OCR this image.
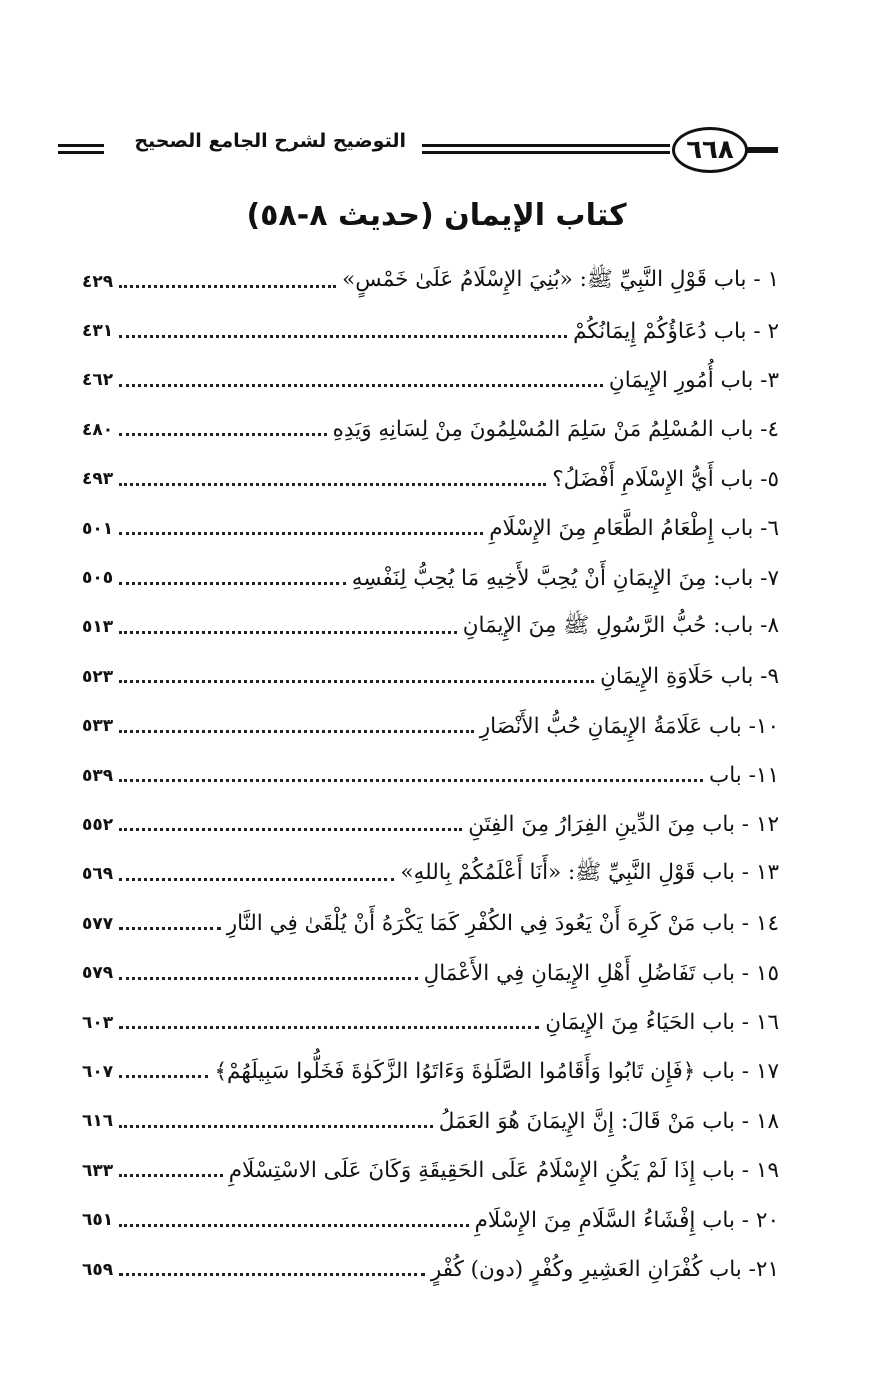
٦٦٨
التوضيح لشرح الجامع الصحيح
كتاب الإيمان (حديث ٨-٥٨)
١ - باب قَوْلِ النَّبِيِّ ﷺ: «بُنِيَ الإِسْلَامُ عَلَىٰ خَمْسٍ»
٤٢٩
٢ - باب دُعَاؤُكُمْ إِيمَانُكُمْ
٤٣١
٣- باب أُمُورِ الإِيمَانِ
٤٦٢
٤- باب المُسْلِمُ مَنْ سَلِمَ المُسْلِمُونَ مِنْ لِسَانِهِ وَيَدِهِ
٤٨٠
٥- باب أَيُّ الإِسْلَامِ أَفْضَلُ؟
٤٩٣
٦- باب إِطْعَامُ الطَّعَامِ مِنَ الإِسْلَامِ
٥٠١
٧- باب: مِنَ الإِيمَانِ أَنْ يُحِبَّ لأَخِيهِ مَا يُحِبُّ لِنَفْسِهِ
٥٠٥
٨- باب: حُبُّ الرَّسُولِ ﷺ مِنَ الإِيمَانِ
٥١٣
٩- باب حَلَاوَةِ الإِيمَانِ
٥٢٣
١٠- باب عَلَامَةُ الإِيمَانِ حُبُّ الأَنْصَارِ
٥٣٣
١١- باب
٥٣٩
١٢ - باب مِنَ الدِّينِ الفِرَارُ مِنَ الفِتَنِ
٥٥٢
١٣ - باب قَوْلِ النَّبِيِّ ﷺ: «أَنَا أَعْلَمُكُمْ بِاللهِ»
٥٦٩
١٤ - باب مَنْ كَرِهَ أَنْ يَعُودَ فِي الكُفْرِ كَمَا يَكْرَهُ أَنْ يُلْقَىٰ فِي النَّارِ
٥٧٧
١٥ - باب تَفَاضُلِ أَهْلِ الإِيمَانِ فِي الأَعْمَالِ
٥٧٩
١٦ - باب الحَيَاءُ مِنَ الإِيمَانِ
٦٠٣
١٧ - باب ﴿فَإِن تَابُوا وَأَقَامُوا الصَّلَوٰةَ وَءَاتَوُا الزَّكَوٰةَ فَخَلُّوا سَبِيلَهُمْ﴾
٦٠٧
١٨ - باب مَنْ قَالَ: إِنَّ الإِيمَانَ هُوَ العَمَلُ
٦١٦
١٩ - باب إِذَا لَمْ يَكُنِ الإِسْلَامُ عَلَى الحَقِيقَةِ وَكَانَ عَلَى الاسْتِسْلَامِ
٦٣٣
٢٠ - باب إِفْشَاءُ السَّلَامِ مِنَ الإِسْلَامِ
٦٥١
٢١- باب كُفْرَانِ العَشِيرِ وكُفْرٍ (دون) كُفْرٍ
٦٥٩
